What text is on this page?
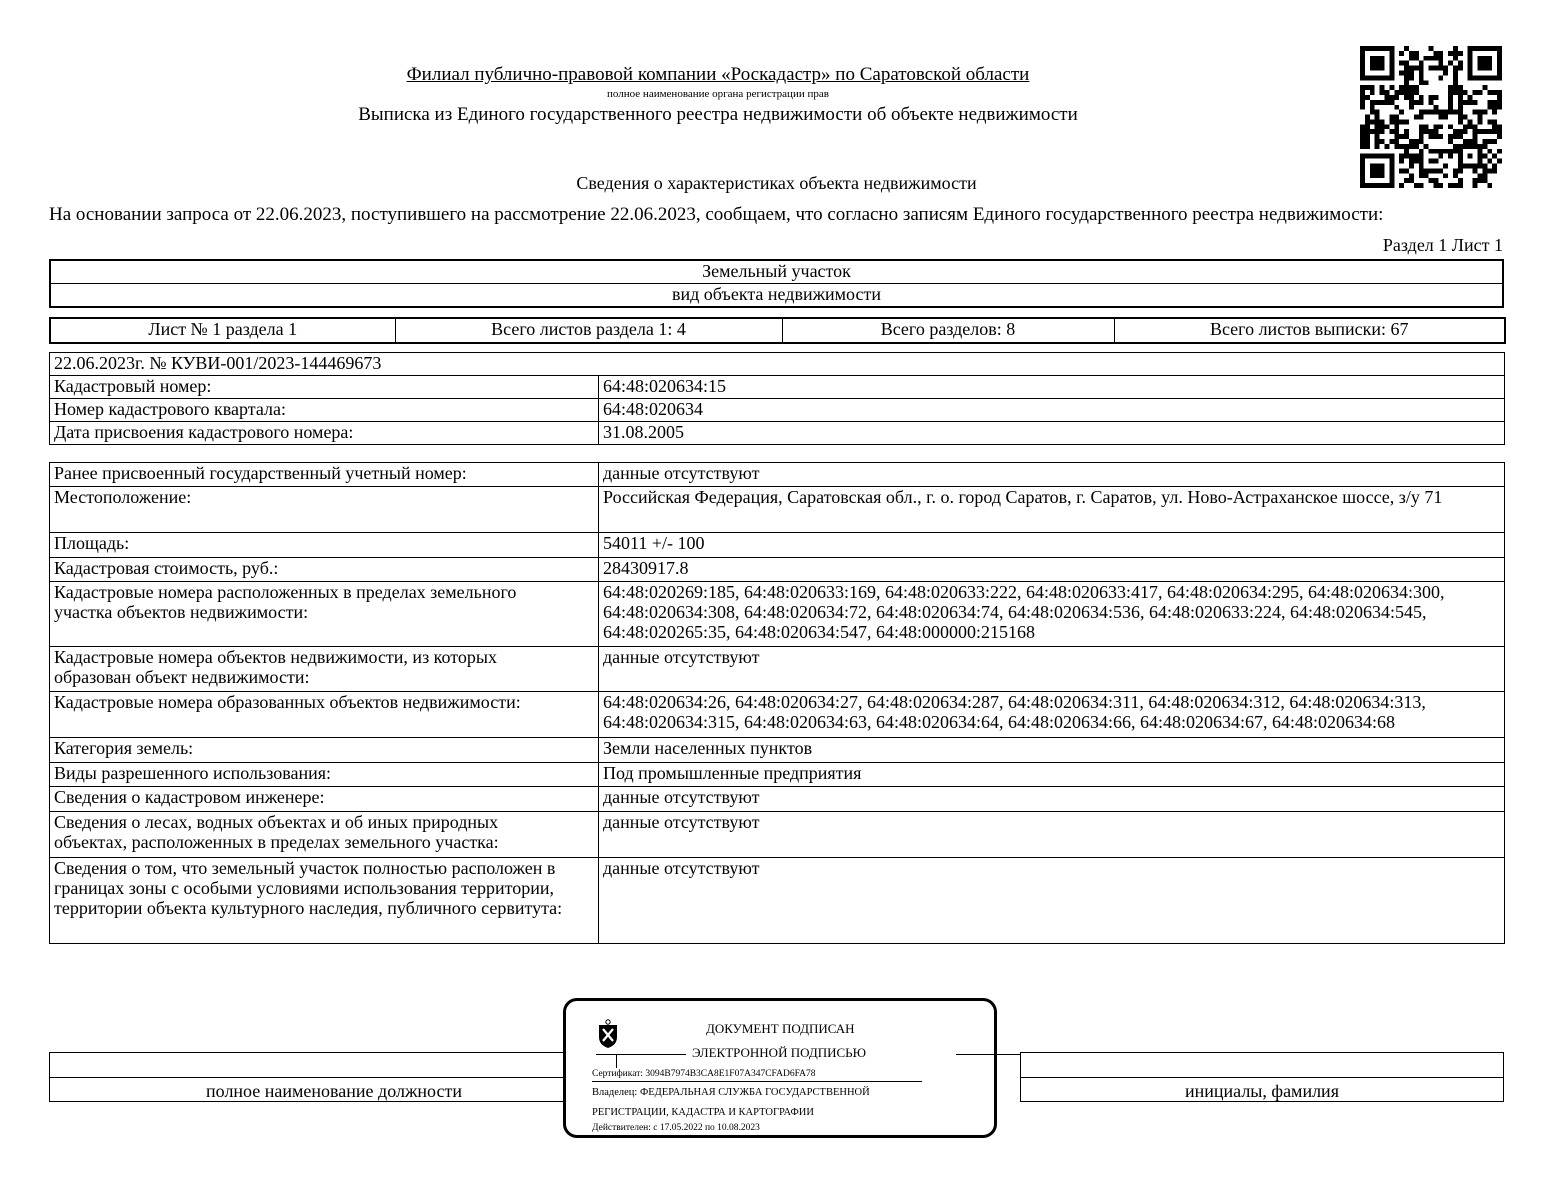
Филиал публично-правовой компании «Роскадастр» по Саратовской области
полное наименование органа регистрации прав
Выписка из Единого государственного реестра недвижимости об объекте недвижимости
Сведения о характеристиках объекта недвижимости
На основании запроса от 22.06.2023, поступившего на рассмотрение 22.06.2023, сообщаем, что согласно записям Единого государственного реестра недвижимости:
Раздел 1 Лист 1
Земельный участок
вид объекта недвижимости
Лист № 1 раздела 1	Всего листов раздела 1: 4	Всего разделов: 8	Всего листов выписки: 67
22.06.2023г. № КУВИ-001/2023-144469673	
Кадастровый номер:	64:48:020634:15
Номер кадастрового квартала:	64:48:020634
Дата присвоения кадастрового номера:	31.08.2005
Ранее присвоенный государственный учетный номер:	данные отсутствуют
Местоположение:	Российская Федерация, Саратовская обл., г. о. город Саратов, г. Саратов, ул. Ново-Астраханское шоссе, з/у 71
Площадь:	54011 +/- 100
Кадастровая стоимость, руб.:	28430917.8
Кадастровые номера расположенных в пределах земельного участка объектов недвижимости:	64:48:020269:185, 64:48:020633:169, 64:48:020633:222, 64:48:020633:417, 64:48:020634:295, 64:48:020634:300, 64:48:020634:308, 64:48:020634:72, 64:48:020634:74, 64:48:020634:536, 64:48:020633:224, 64:48:020634:545, 64:48:020265:35, 64:48:020634:547, 64:48:000000:215168
Кадастровые номера объектов недвижимости, из которых образован объект недвижимости:	данные отсутствуют
Кадастровые номера образованных объектов недвижимости:	64:48:020634:26, 64:48:020634:27, 64:48:020634:287, 64:48:020634:311, 64:48:020634:312, 64:48:020634:313, 64:48:020634:315, 64:48:020634:63, 64:48:020634:64, 64:48:020634:66, 64:48:020634:67, 64:48:020634:68
Категория земель:	Земли населенных пунктов
Виды разрешенного использования:	Под промышленные предприятия
Сведения о кадастровом инженере:	данные отсутствуют
Сведения о лесах, водных объектах и об иных природных объектах, расположенных в пределах земельного участка:	данные отсутствуют
Сведения о том, что земельный участок полностью расположен в границах зоны с особыми условиями использования территории, территории объекта культурного наследия, публичного сервитута:	данные отсутствуют
полное наименование должности	инициалы, фамилия
ДОКУМЕНТ ПОДПИСАН
ЭЛЕКТРОННОЙ ПОДПИСЬЮ
Сертификат: 3094B7974B3CA8E1F07A347CFAD6FA78
Владелец: ФЕДЕРАЛЬНАЯ СЛУЖБА ГОСУДАРСТВЕННОЙ
РЕГИСТРАЦИИ, КАДАСТРА И КАРТОГРАФИИ
Действителен: с 17.05.2022 по 10.08.2023
